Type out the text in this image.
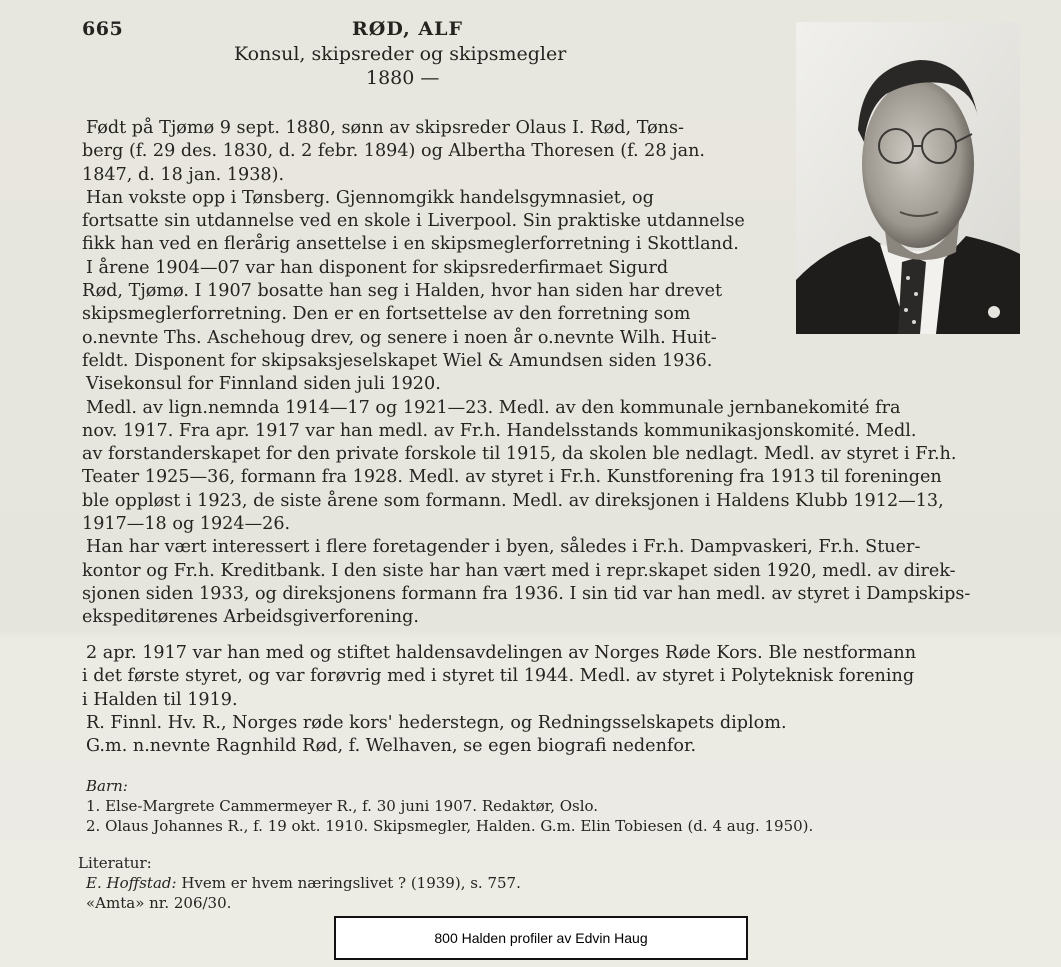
665	RØD, ALF
Konsul, skipsreder og skipsmegler
1880 —
Født på Tjømø 9 sept. 1880, sønn av skipsreder Olaus I. Rød, Tøns-
berg (f. 29 des. 1830, d. 2 febr. 1894) og Albertha Thoresen (f. 28 jan.
1847, d. 18 jan. 1938).
Han vokste opp i Tønsberg. Gjennomgikk handelsgymnasiet, og
fortsatte sin utdannelse ved en skole i Liverpool. Sin praktiske utdannelse
fikk han ved en flerårig ansettelse i en skipsmeglerforretning i Skottland.
I årene 1904—07 var han disponent for skipsrederfirmaet Sigurd
Rød, Tjømø. I 1907 bosatte han seg i Halden, hvor han siden har drevet
skipsmeglerforretning. Den er en fortsettelse av den forretning som
o.nevnte Ths. Aschehoug drev, og senere i noen år o.nevnte Wilh. Huit-
feldt. Disponent for skipsaksjeselskapet Wiel & Amundsen siden 1936.
Visekonsul for Finnland siden juli 1920.
Medl. av lign.nemnda 1914—17 og 1921—23. Medl. av den kommunale jernbanekomité fra
nov. 1917. Fra apr. 1917 var han medl. av Fr.h. Handelsstands kommunikasjonskomité. Medl.
av forstanderskapet for den private forskole til 1915, da skolen ble nedlagt. Medl. av styret i Fr.h.
Teater 1925—36, formann fra 1928. Medl. av styret i Fr.h. Kunstforening fra 1913 til foreningen
ble oppløst i 1923, de siste årene som formann. Medl. av direksjonen i Haldens Klubb 1912—13,
1917—18 og 1924—26.
Han har vært interessert i flere foretagender i byen, således i Fr.h. Dampvaskeri, Fr.h. Stuer-
kontor og Fr.h. Kreditbank. I den siste har han vært med i repr.skapet siden 1920, medl. av direk-
sjonen siden 1933, og direksjonens formann fra 1936. I sin tid var han medl. av styret i Dampskips-
ekspeditørenes Arbeidsgiverforening.
2 apr. 1917 var han med og stiftet haldensavdelingen av Norges Røde Kors. Ble nestformann
i det første styret, og var forøvrig med i styret til 1944. Medl. av styret i Polyteknisk forening
i Halden til 1919.
R. Finnl. Hv. R., Norges røde kors' hederstegn, og Redningsselskapets diplom.
G.m. n.nevnte Ragnhild Rød, f. Welhaven, se egen biografi nedenfor.
Barn:
1. Else-Margrete Cammermeyer R., f. 30 juni 1907. Redaktør, Oslo.
2. Olaus Johannes R., f. 19 okt. 1910. Skipsmegler, Halden. G.m. Elin Tobiesen (d. 4 aug. 1950).
Literatur:
E. Hoffstad: Hvem er hvem næringslivet ? (1939), s. 757.
«Amta» nr. 206/30.
800 Halden profiler av Edvin Haug
